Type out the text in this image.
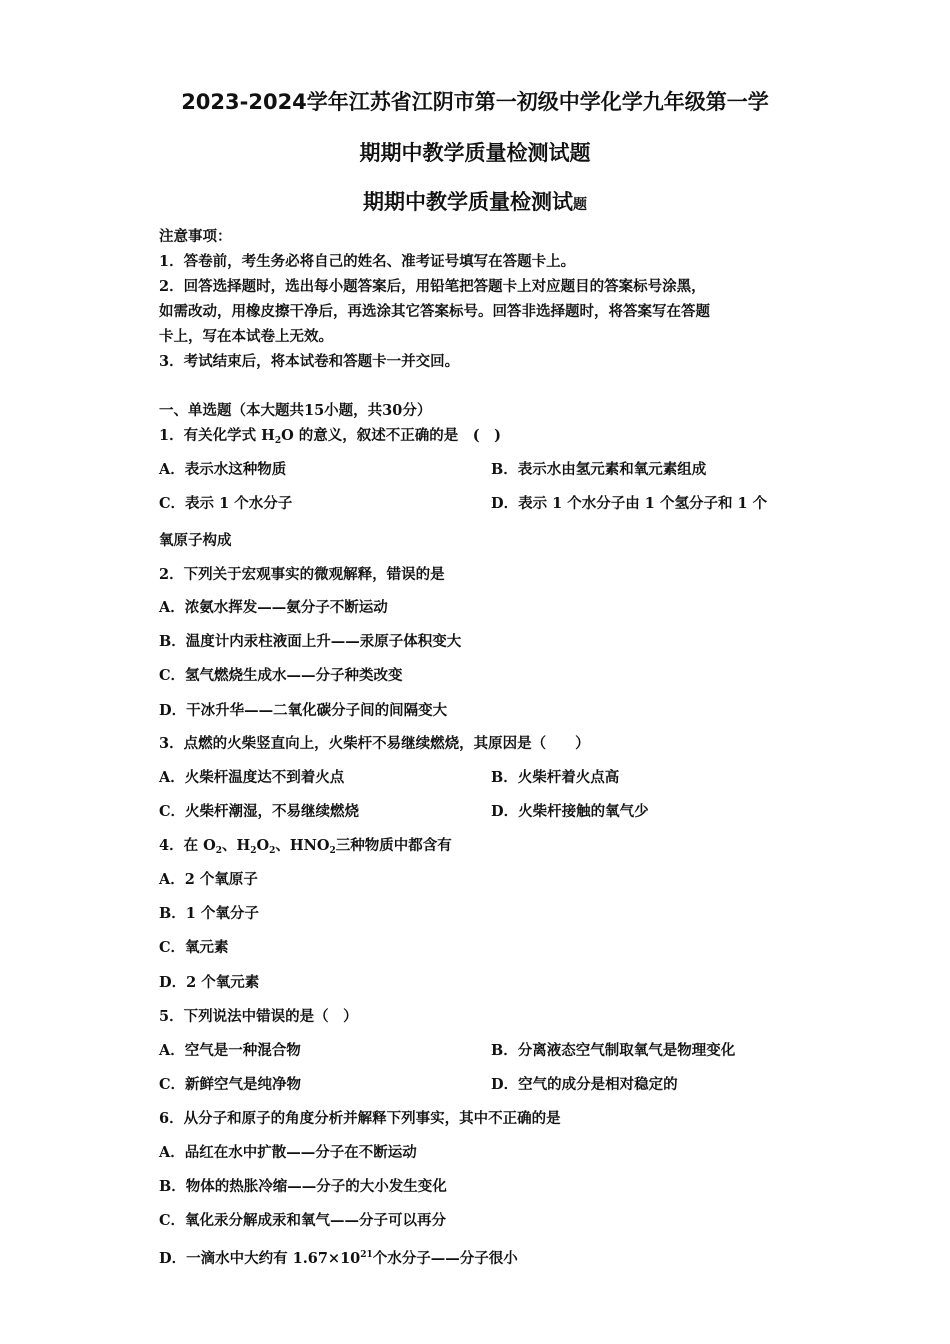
2023-2024学年江苏省江阴市第一初级中学化学九年级第一学
期期中教学质量检测试题
期期中教学质量检测试题
注意事项：
1．答卷前，考生务必将自己的姓名、准考证号填写在答题卡上。
2．回答选择题时，选出每小题答案后，用铅笔把答题卡上对应题目的答案标号涂黑，
如需改动，用橡皮擦干净后，再选涂其它答案标号。回答非选择题时，将答案写在答题
卡上，写在本试卷上无效。
3．考试结束后，将本试卷和答题卡一并交回。
一、单选题（本大题共15小题，共30分）
1．有关化学式 $H_2O$ 的意义，叙述不正确的是　(　)
A．表示水这种物质	B．表示水由氢元素和氧元素组成
C．表示 1 个水分子	D．表示 1 个水分子由 1 个氢分子和 1 个
氧原子构成
2．下列关于宏观事实的微观解释，错误的是
A．浓氨水挥发——氨分子不断运动
B．温度计内汞柱液面上升——汞原子体积变大
C．氢气燃烧生成水——分子种类改变
D．干冰升华——二氧化碳分子间的间隔变大
3．点燃的火柴竖直向上，火柴杆不易继续燃烧，其原因是（　　）
A．火柴杆温度达不到着火点	B．火柴杆着火点高
C．火柴杆潮湿，不易继续燃烧	D．火柴杆接触的氧气少
4．在 $O_2$、$H_2O_2$、$HNO_2$三种物质中都含有
A．2 个氧原子
B．1 个氧分子
C．氧元素
D．2 个氧元素
5．下列说法中错误的是（　）
A．空气是一种混合物	B．分离液态空气制取氧气是物理变化
C．新鲜空气是纯净物	D．空气的成分是相对稳定的
6．从分子和原子的角度分析并解释下列事实，其中不正确的是
A．品红在水中扩散——分子在不断运动
B．物体的热胀冷缩——分子的大小发生变化
C．氧化汞分解成汞和氧气——分子可以再分
D．一滴水中大约有 $1.67\times 10^{21}$个水分子——分子很小
